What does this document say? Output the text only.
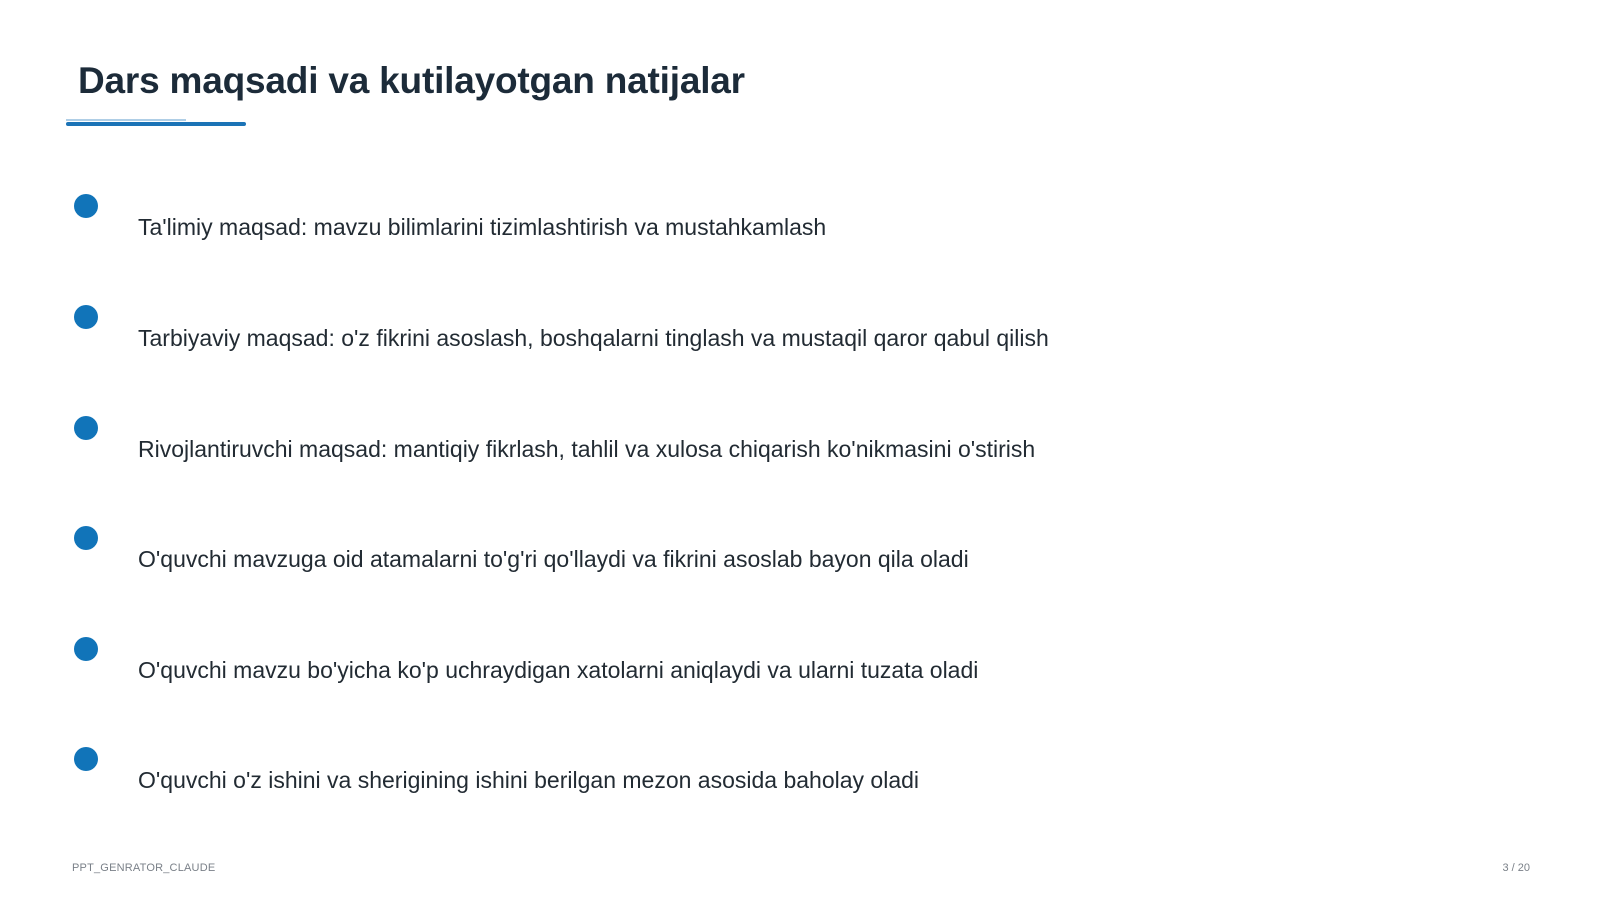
Dars maqsadi va kutilayotgan natijalar
Ta'limiy maqsad: mavzu bilimlarini tizimlashtirish va mustahkamlash
Tarbiyaviy maqsad: o'z fikrini asoslash, boshqalarni tinglash va mustaqil qaror qabul qilish
Rivojlantiruvchi maqsad: mantiqiy fikrlash, tahlil va xulosa chiqarish ko'nikmasini o'stirish
O'quvchi mavzuga oid atamalarni to'g'ri qo'llaydi va fikrini asoslab bayon qila oladi
O'quvchi mavzu bo'yicha ko'p uchraydigan xatolarni aniqlaydi va ularni tuzata oladi
O'quvchi o'z ishini va sherigining ishini berilgan mezon asosida baholay oladi
PPT_GENRATOR_CLAUDE	3 / 20
